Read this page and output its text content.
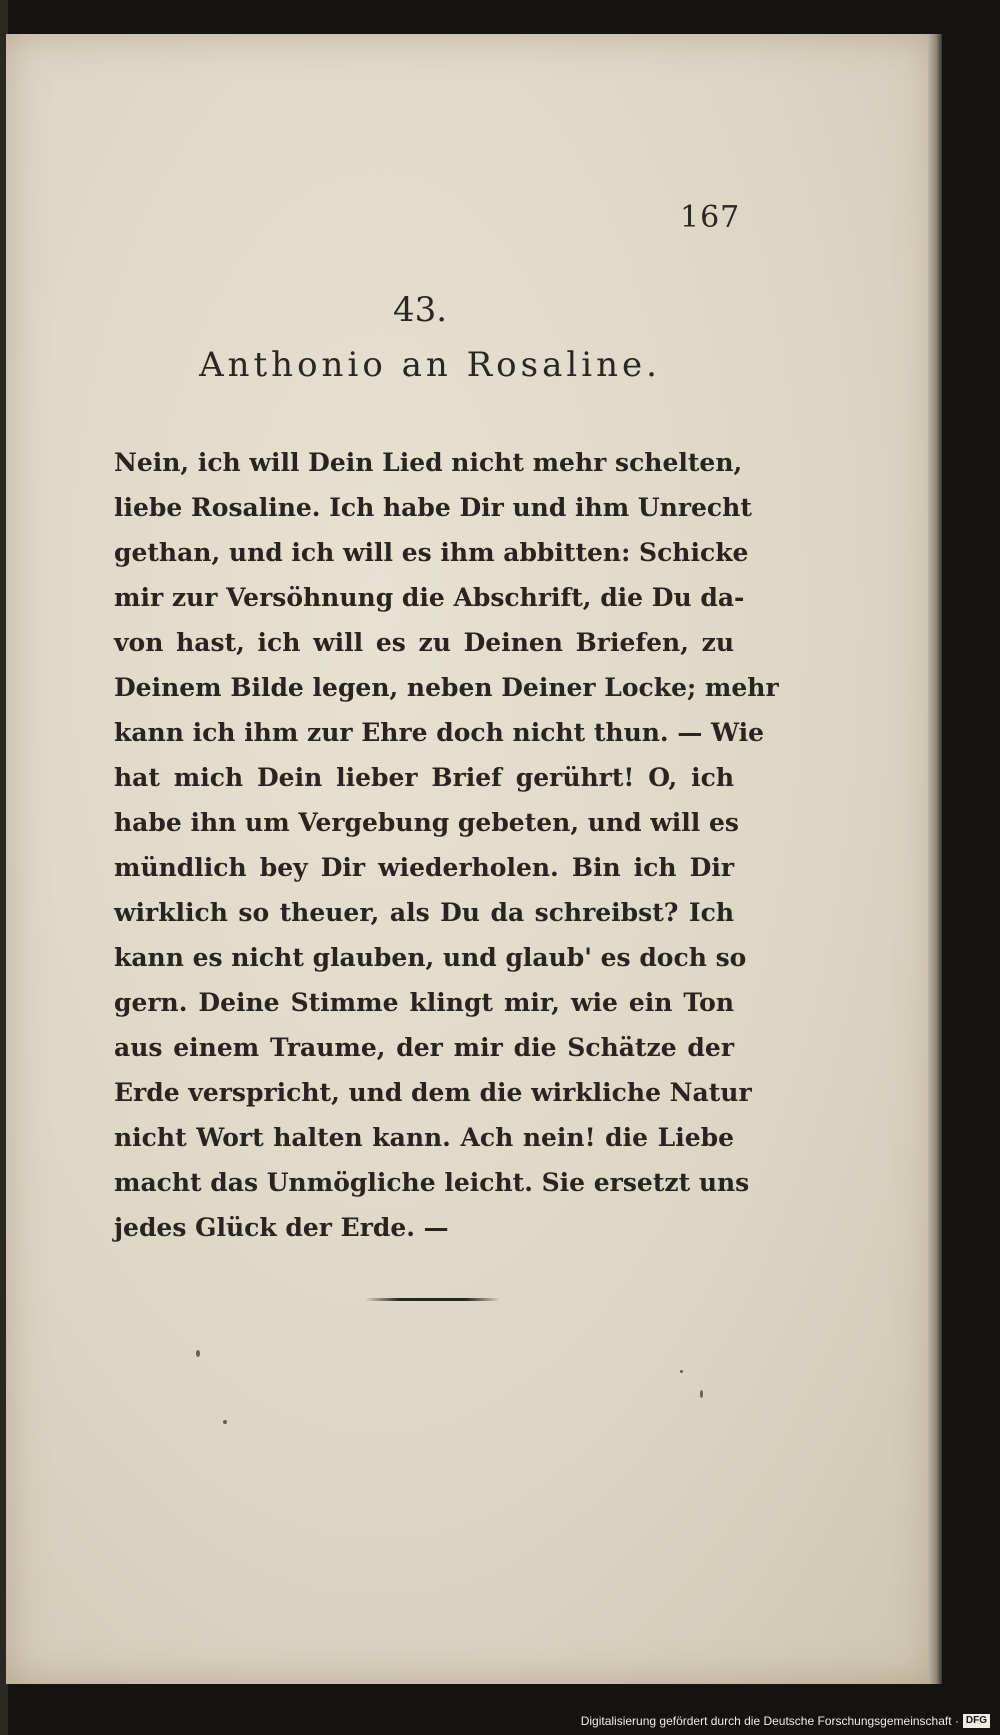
167
43.
Anthonio an Rosaline.
Nein, ich will Dein Lied nicht mehr schelten,
liebe Rosaline. Ich habe Dir und ihm Unrecht
gethan, und ich will es ihm abbitten: Schicke
mir zur Versöhnung die Abschrift, die Du da-
von hast, ich will es zu Deinen Briefen, zu
Deinem Bilde legen, neben Deiner Locke; mehr
kann ich ihm zur Ehre doch nicht thun. — Wie
hat mich Dein lieber Brief gerührt! O, ich
habe ihn um Vergebung gebeten, und will es
mündlich bey Dir wiederholen. Bin ich Dir
wirklich so theuer, als Du da schreibst? Ich
kann es nicht glauben, und glaub' es doch so
gern. Deine Stimme klingt mir, wie ein Ton
aus einem Traume, der mir die Schätze der
Erde verspricht, und dem die wirkliche Natur
nicht Wort halten kann. Ach nein! die Liebe
macht das Unmögliche leicht. Sie ersetzt uns
jedes Glück der Erde. —
Digitalisierung gefördert durch die Deutsche Forschungsgemeinschaft · DFG
